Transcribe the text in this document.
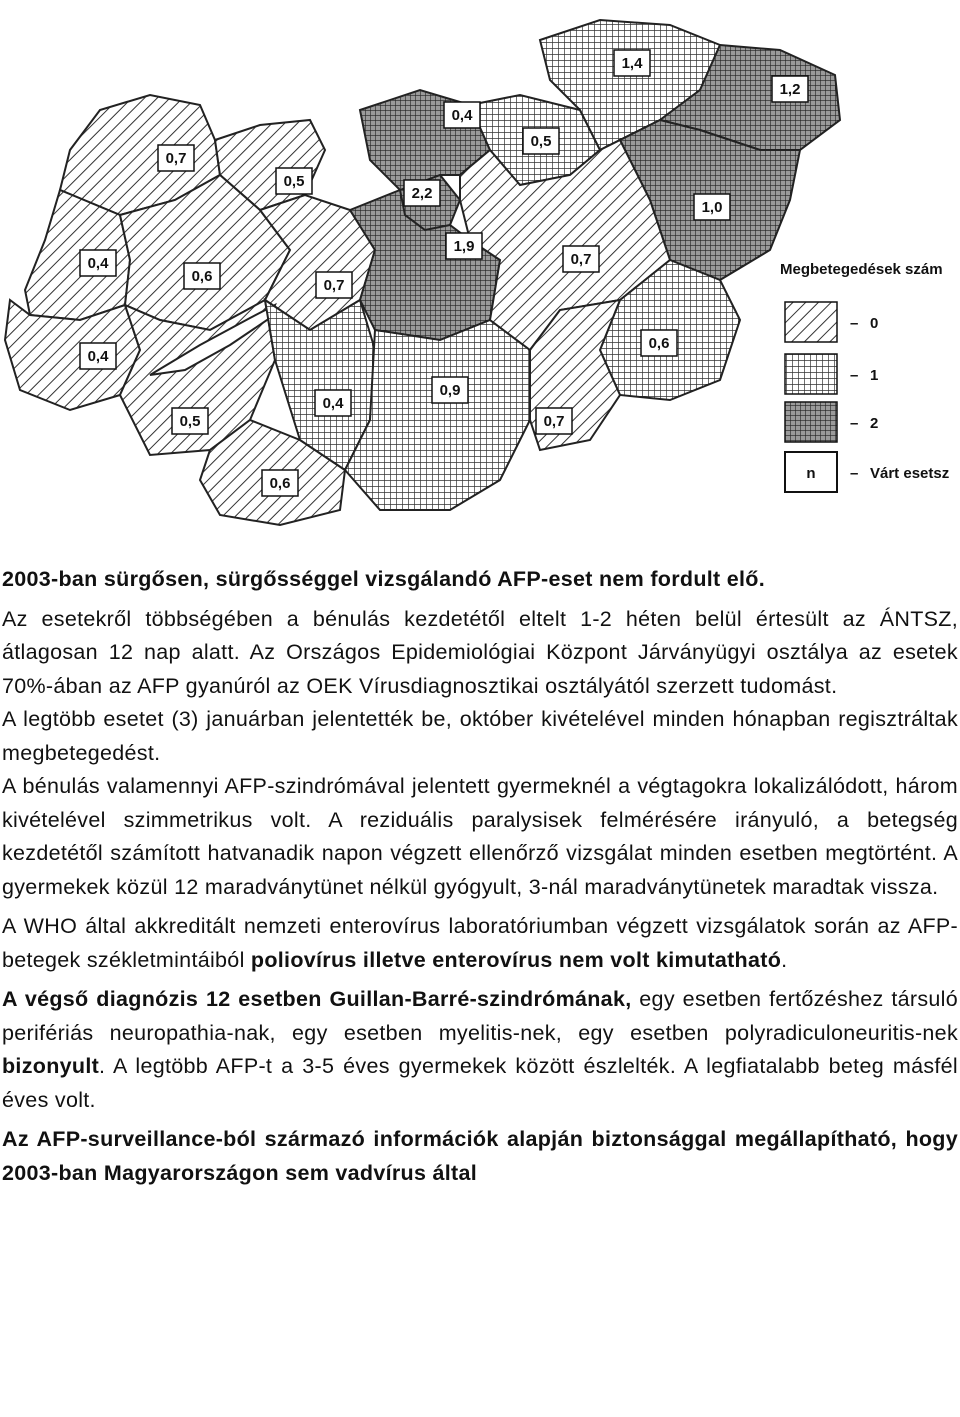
0,7
0,5
0,4
0,6
0,7
0,4
0,5
0,6
0,4
0,9
1,9
2,2
0,4
0,5
1,4
1,2
1,0
0,7
0,6
0,7
Megbetegedések szám
– 0
– 1
– 2
n – Várt esetsz

2003-ban sürgősen, sürgősséggel vizsgálandó AFP-eset nem fordult elő.

Az esetekről többségében a bénulás kezdetétől eltelt 1-2 héten belül értesült az ÁNTSZ, átlagosan 12 nap alatt. Az Országos Epidemiológiai Központ Járványügyi osztálya az esetek 70%-ában az AFP gyanúról az OEK Vírusdiagnosztikai osztályától szerzett tudomást.

A legtöbb esetet (3) januárban jelentették be, október kivételével minden hónapban regisztráltak megbetegedést.

A bénulás valamennyi AFP-szindrómával jelentett gyermeknél a végtagokra lokalizálódott, három kivételével szimmetrikus volt. A reziduális paralysisek felmérésére irányuló, a betegség kezdetétől számított hatvanadik napon végzett ellenőrző vizsgálat minden esetben megtörtént. A gyermekek közül 12 maradványtünet nélkül gyógyult, 3-nál maradványtünetek maradtak vissza.

A WHO által akkreditált nemzeti enterovírus laboratóriumban végzett vizsgálatok során az AFP-betegek székletmintáiból poliovírus illetve enterovírus nem volt kimutatható.

A végső diagnózis 12 esetben Guillan-Barré-szindrómának, egy esetben fertőzéshez társuló perifériás neuropathia-nak, egy esetben myelitis-nek, egy esetben polyradiculoneuritis-nek bizonyult. A legtöbb AFP-t a 3-5 éves gyermekek között észlelték. A legfiatalabb beteg másfél éves volt.

Az AFP-surveillance-ból származó információk alapján biztonsággal megállapítható, hogy 2003-ban Magyarországon sem vadvírus által
